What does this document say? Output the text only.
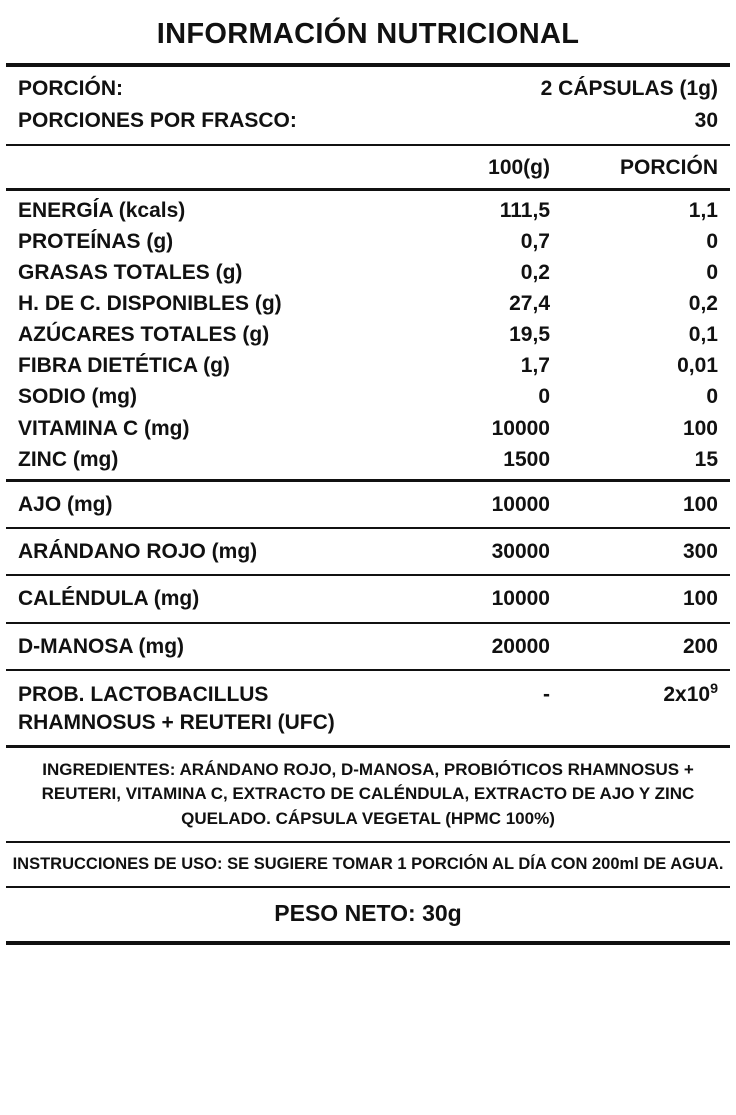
INFORMACIÓN NUTRICIONAL
PORCIÓN:	2 CÁPSULAS (1g)
PORCIONES POR FRASCO:	30
100(g)	PORCIÓN
ENERGÍA (kcals)	111,5	1,1
PROTEÍNAS (g)	0,7	0
GRASAS TOTALES (g)	0,2	0
H. DE C. DISPONIBLES (g)	27,4	0,2
AZÚCARES TOTALES (g)	19,5	0,1
FIBRA DIETÉTICA (g)	1,7	0,01
SODIO (mg)	0	0
VITAMINA C (mg)	10000	100
ZINC (mg)	1500	15
AJO (mg)	10000	100
ARÁNDANO ROJO (mg)	30000	300
CALÉNDULA (mg)	10000	100
D-MANOSA (mg)	20000	200
PROB. LACTOBACILLUS
RHAMNOSUS + REUTERI (UFC)
-	$2x10^9$
INGREDIENTES: ARÁNDANO ROJO, D-MANOSA, PROBIÓTICOS RHAMNOSUS + REUTERI, VITAMINA C, EXTRACTO DE CALÉNDULA, EXTRACTO DE AJO Y ZINC QUELADO. CÁPSULA VEGETAL (HPMC 100%)
INSTRUCCIONES DE USO: SE SUGIERE TOMAR 1 PORCIÓN AL DÍA CON 200ml DE AGUA.
PESO NETO: 30g
